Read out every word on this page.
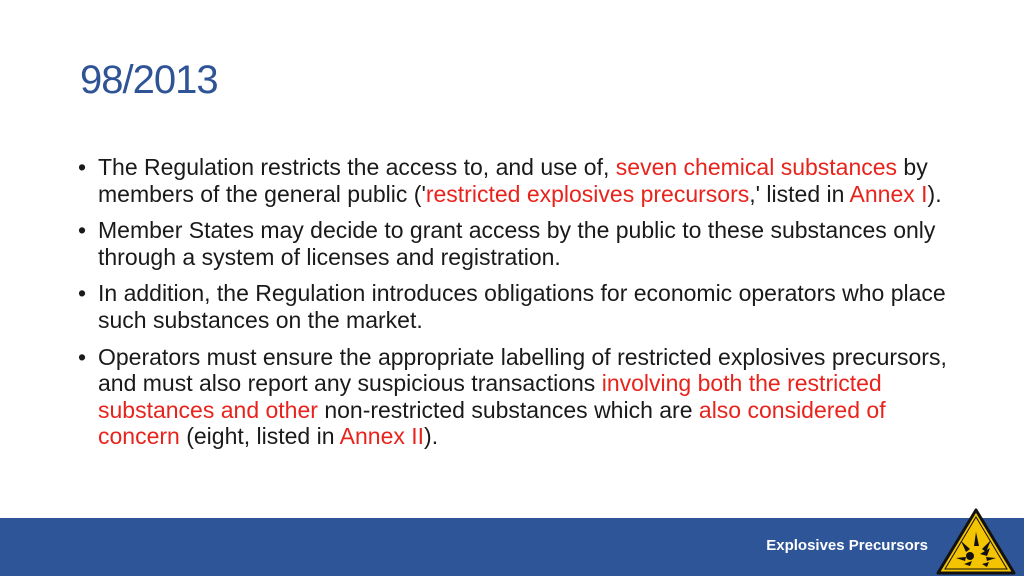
98/2013
• The Regulation restricts the access to, and use of, seven chemical substances by members of the general public ('restricted explosives precursors,' listed in Annex I).
• Member States may decide to grant access by the public to these substances only through a system of licenses and registration.
• In addition, the Regulation introduces obligations for economic operators who place such substances on the market.
• Operators must ensure the appropriate labelling of restricted explosives precursors, and must also report any suspicious transactions involving both the restricted substances and other non-restricted substances which are also considered of concern (eight, listed in Annex II).
Explosives Precursors
